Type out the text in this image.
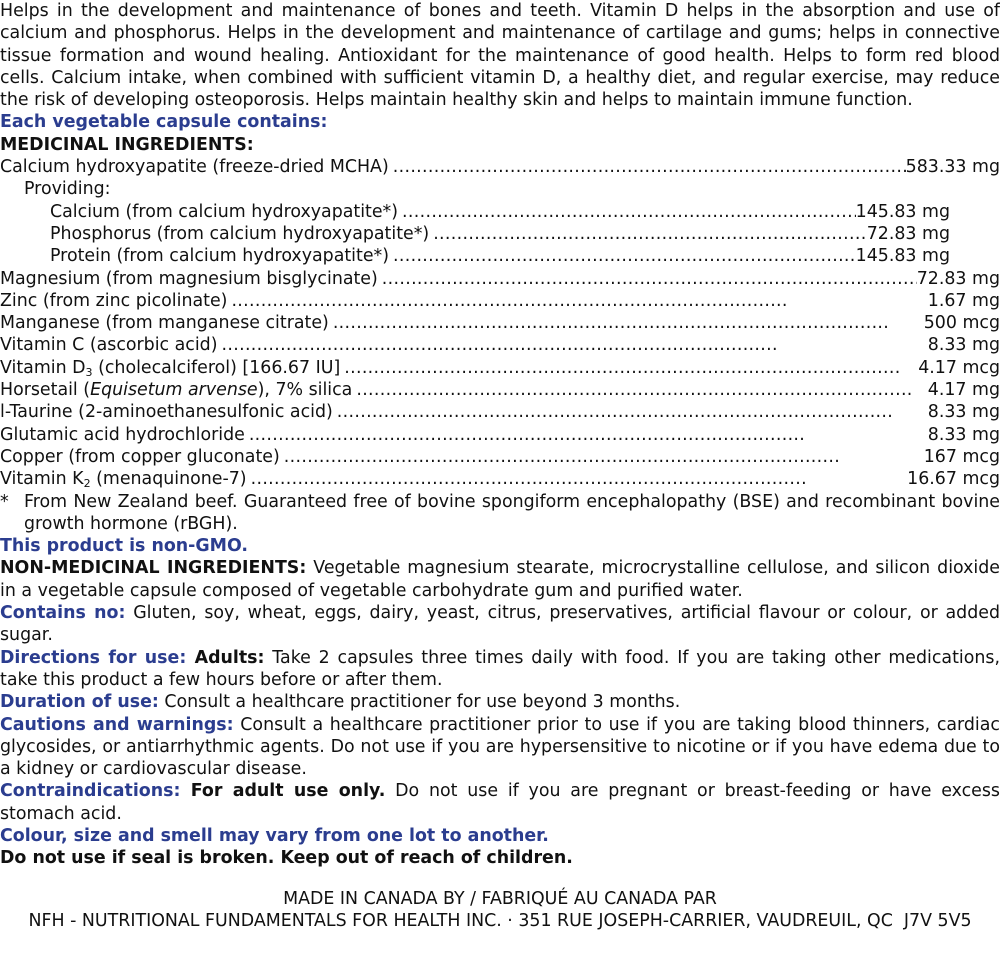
Helps in the development and maintenance of bones and teeth. Vitamin D helps in the absorption and use of calcium and phosphorus. Helps in the development and maintenance of cartilage and gums; helps in connective tissue formation and wound healing. Antioxidant for the maintenance of good health. Helps to form red blood cells. Calcium intake, when combined with sufficient vitamin D, a healthy diet, and regular exercise, may reduce the risk of developing osteoporosis. Helps maintain healthy skin and helps to maintain immune function.
Each vegetable capsule contains:
MEDICINAL INGREDIENTS:
Calcium hydroxyapatite (freeze-dried MCHA) . . .	583.33 mg
Providing:
Calcium (from calcium hydroxyapatite*) . . .	145.83 mg
Phosphorus (from calcium hydroxyapatite*) . . .	72.83 mg
Protein (from calcium hydroxyapatite*) . . .	145.83 mg
Magnesium (from magnesium bisglycinate) . . .	72.83 mg
Zinc (from zinc picolinate) . . .	1.67 mg
Manganese (from manganese citrate) . . .	500 mcg
Vitamin C (ascorbic acid) . . .	8.33 mg
Vitamin $D_3$ (cholecalciferol) [166.67 IU] . . .	4.17 mcg
Horsetail (Equisetum arvense), 7% silica . . .	4.17 mg
l-Taurine (2-aminoethanesulfonic acid) . . .	8.33 mg
Glutamic acid hydrochloride . . .	8.33 mg
Copper (from copper gluconate) . . .	167 mcg
Vitamin $K_2$ (menaquinone-7) . . .	16.67 mcg
* From New Zealand beef. Guaranteed free of bovine spongiform encephalopathy (BSE) and recombinant bovine growth hormone (rBGH).
This product is non-GMO.
NON-MEDICINAL INGREDIENTS: Vegetable magnesium stearate, microcrystalline cellulose, and silicon dioxide in a vegetable capsule composed of vegetable carbohydrate gum and purified water.
Contains no: Gluten, soy, wheat, eggs, dairy, yeast, citrus, preservatives, artificial flavour or colour, or added sugar.
Directions for use: Adults: Take 2 capsules three times daily with food. If you are taking other medications, take this product a few hours before or after them.
Duration of use: Consult a healthcare practitioner for use beyond 3 months.
Cautions and warnings: Consult a healthcare practitioner prior to use if you are taking blood thinners, cardiac glycosides, or antiarrhythmic agents. Do not use if you are hypersensitive to nicotine or if you have edema due to a kidney or cardiovascular disease.
Contraindications: For adult use only. Do not use if you are pregnant or breast-feeding or have excess stomach acid.
Colour, size and smell may vary from one lot to another.
Do not use if seal is broken. Keep out of reach of children.
MADE IN CANADA BY / FABRIQUÉ AU CANADA PAR
NFH - NUTRITIONAL FUNDAMENTALS FOR HEALTH INC. · 351 RUE JOSEPH-CARRIER, VAUDREUIL, QC  J7V 5V5
